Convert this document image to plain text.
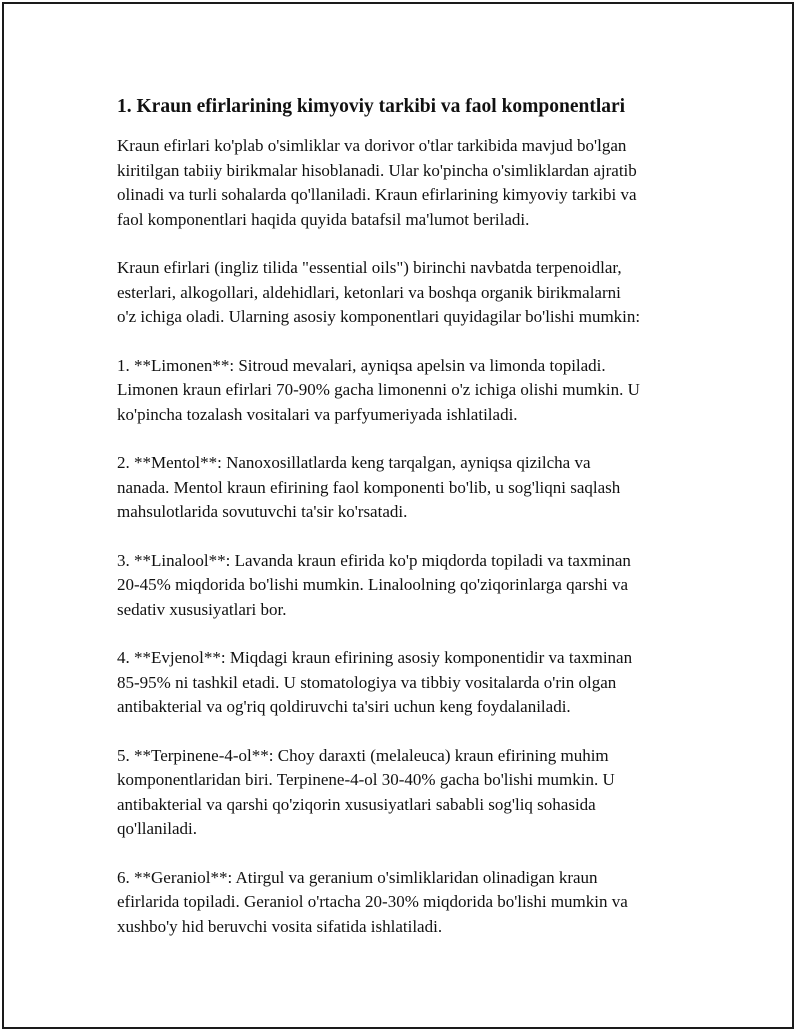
1. Kraun efirlarining kimyoviy tarkibi va faol komponentlari

Kraun efirlari ko'plab o'simliklar va dorivor o'tlar tarkibida mavjud bo'lgan
kiritilgan tabiiy birikmalar hisoblanadi. Ular ko'pincha o'simliklardan ajratib
olinadi va turli sohalarda qo'llaniladi. Kraun efirlarining kimyoviy tarkibi va
faol komponentlari haqida quyida batafsil ma'lumot beriladi.

Kraun efirlari (ingliz tilida "essential oils") birinchi navbatda terpenoidlar,
esterlari, alkogollari, aldehidlari, ketonlari va boshqa organik birikmalarni
o'z ichiga oladi. Ularning asosiy komponentlari quyidagilar bo'lishi mumkin:

1. **Limonen**: Sitroud mevalari, ayniqsa apelsin va limonda topiladi.
Limonen kraun efirlari 70-90% gacha limonenni o'z ichiga olishi mumkin. U
ko'pincha tozalash vositalari va parfyumeriyada ishlatiladi.

2. **Mentol**: Nanoxosillatlarda keng tarqalgan, ayniqsa qizilcha va
nanada. Mentol kraun efirining faol komponenti bo'lib, u sog'liqni saqlash
mahsulotlarida sovutuvchi ta'sir ko'rsatadi.

3. **Linalool**: Lavanda kraun efirida ko'p miqdorda topiladi va taxminan
20-45% miqdorida bo'lishi mumkin. Linaloolning qo'ziqorinlarga qarshi va
sedativ xususiyatlari bor.

4. **Evjenol**: Miqdagi kraun efirining asosiy komponentidir va taxminan
85-95% ni tashkil etadi. U stomatologiya va tibbiy vositalarda o'rin olgan
antibakterial va og'riq qoldiruvchi ta'siri uchun keng foydalaniladi.

5. **Terpinene-4-ol**: Choy daraxti (melaleuca) kraun efirining muhim
komponentlaridan biri. Terpinene-4-ol 30-40% gacha bo'lishi mumkin. U
antibakterial va qarshi qo'ziqorin xususiyatlari sababli sog'liq sohasida
qo'llaniladi.

6. **Geraniol**: Atirgul va geranium o'simliklaridan olinadigan kraun
efirlarida topiladi. Geraniol o'rtacha 20-30% miqdorida bo'lishi mumkin va
xushbo'y hid beruvchi vosita sifatida ishlatiladi.
